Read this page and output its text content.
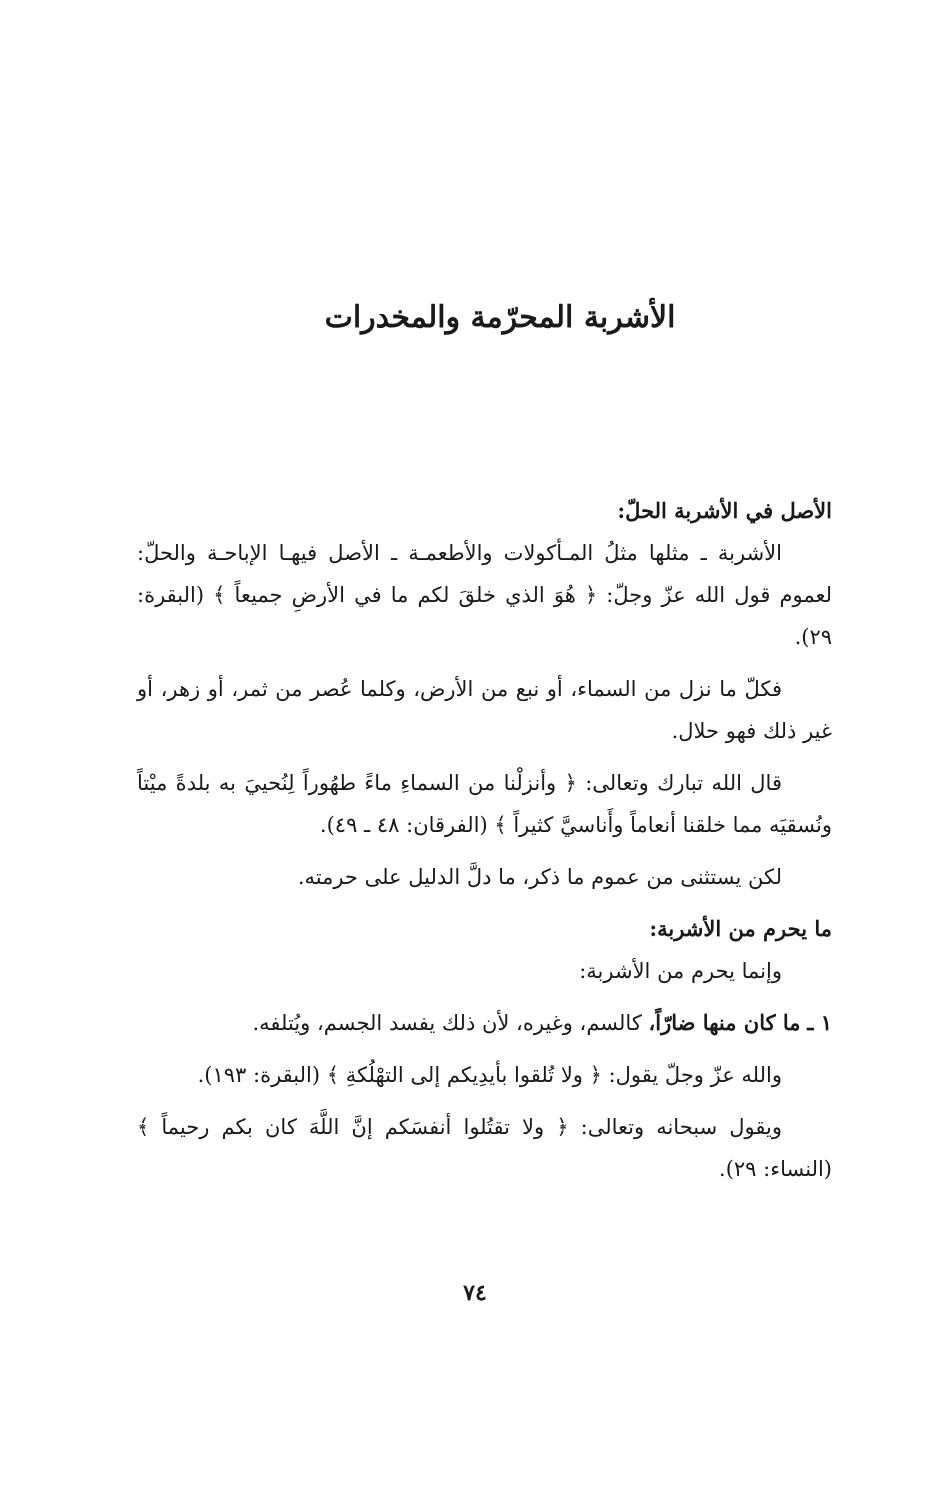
الأشربة المحرّمة والمخدرات

الأصل في الأشربة الحلّ:

الأشربة ـ مثلها مثلُ المـأكولات والأطعمـة ـ الأصل فيهـا الإباحـة والحلّ: لعموم قول الله عزّ وجلّ: ﴿ هُوَ الذي خلقَ لكم ما في الأرضِ جميعاً ﴾ (البقرة: ٢٩).

فكلّ ما نزل من السماء، أو نبع من الأرض، وكلما عُصر من ثمر، أو زهر، أو غير ذلك فهو حلال.

قال الله تبارك وتعالى: ﴿ وأنزلْنا من السماءِ ماءً طهُوراً لِنُحييَ به بلدةً ميْتاً ونُسقيَه مما خلقنا أنعاماً وأَناسيَّ كثيراً ﴾ (الفرقان: ٤٨ ـ ٤٩).

لكن يستثنى من عموم ما ذكر، ما دلَّ الدليل على حرمته.

ما يحرم من الأشربة:

وإنما يحرم من الأشربة:

١ ـ ما كان منها ضارّاً، كالسم، وغيره، لأن ذلك يفسد الجسم، ويُتلفه.

والله عزّ وجلّ يقول: ﴿ ولا تُلقوا بأيدِيكم إلى التهْلُكةِ ﴾ (البقرة: ١٩٣).

ويقول سبحانه وتعالى: ﴿ ولا تقتُلوا أنفسَكم إنَّ اللَّهَ كان بكم رحيماً ﴾ (النساء: ٢٩).

٧٤
